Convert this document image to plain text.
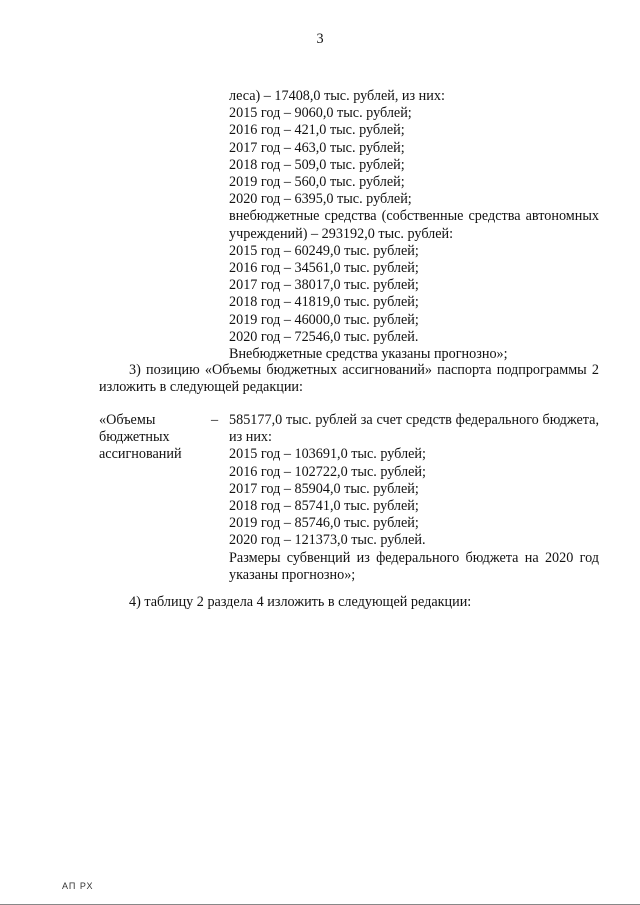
3
леса) – 17408,0 тыс. рублей, из них:
2015 год – 9060,0 тыс. рублей;
2016 год – 421,0 тыс. рублей;
2017 год – 463,0 тыс. рублей;
2018 год – 509,0 тыс. рублей;
2019 год – 560,0 тыс. рублей;
2020 год – 6395,0 тыс. рублей;
внебюджетные средства (собственные средства автономных
учреждений) – 293192,0 тыс. рублей:
2015 год – 60249,0 тыс. рублей;
2016 год – 34561,0 тыс. рублей;
2017 год – 38017,0 тыс. рублей;
2018 год – 41819,0 тыс. рублей;
2019 год – 46000,0 тыс. рублей;
2020 год – 72546,0 тыс. рублей.
Внебюджетные средства указаны прогнозно»;
3) позицию «Объемы бюджетных ассигнований» паспорта подпрограммы 2
изложить в следующей редакции:
«Объемы
бюджетных
ассигнований
– 585177,0 тыс. рублей за счет средств федерального бюджета,
из них:
2015 год – 103691,0 тыс. рублей;
2016 год – 102722,0 тыс. рублей;
2017 год – 85904,0 тыс. рублей;
2018 год – 85741,0 тыс. рублей;
2019 год – 85746,0 тыс. рублей;
2020 год – 121373,0 тыс. рублей.
Размеры субвенций из федерального бюджета на 2020 год
указаны прогнозно»;
4) таблицу 2 раздела 4 изложить в следующей редакции:
АП РХ
